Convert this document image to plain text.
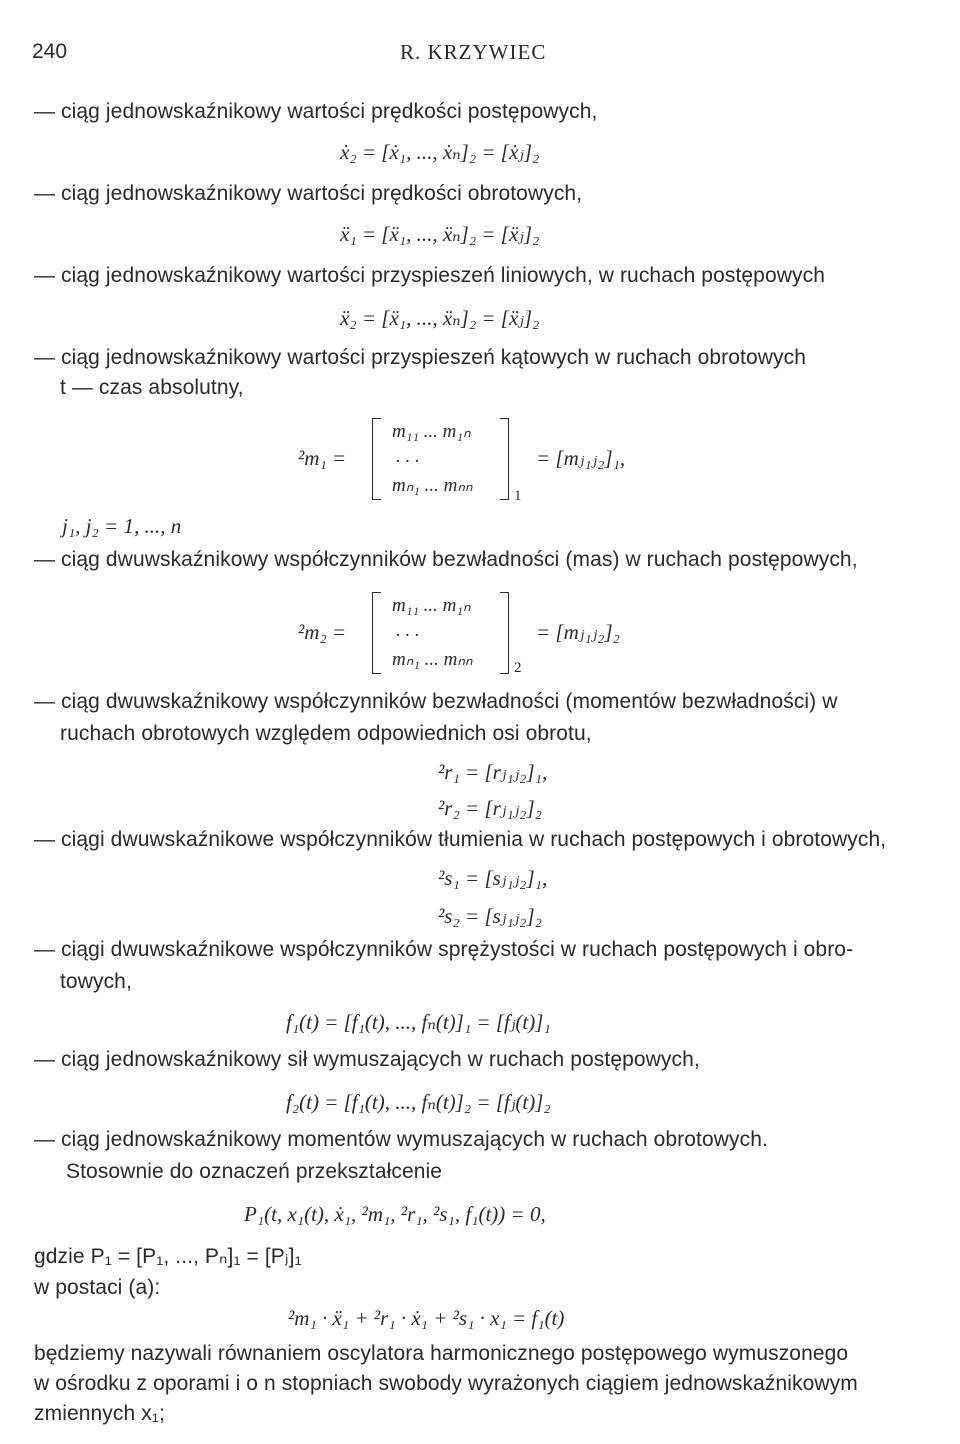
240	R. KRZYWIEC
— ciąg jednowskaźnikowy wartości prędkości postępowych,
ẋ₂ = [ẋ₁, ..., ẋₙ]₂ = [ẋⱼ]₂
— ciąg jednowskaźnikowy wartości prędkości obrotowych,
ẍ₁ = [ẍ₁, ..., ẍₙ]₂ = [ẍⱼ]₂
— ciąg jednowskaźnikowy wartości przyspieszeń liniowych, w ruchach postępowych
ẍ₂ = [ẍ₁, ..., ẍₙ]₂ = [ẍⱼ]₂
— ciąg jednowskaźnikowy wartości przyspieszeń kątowych w ruchach obrotowych
t — czas absolutny,
²m₁ =
m₁₁ ... m₁ₙ
. . .
mₙ₁ ... mₙₙ	1
= [mⱼ₁ⱼ₂]₁,
j₁, j₂ = 1, ..., n
— ciąg dwuwskaźnikowy współczynników bezwładności (mas) w ruchach postępowych,
²m₂ =
m₁₁ ... m₁ₙ
. . .
mₙ₁ ... mₙₙ	2
= [mⱼ₁ⱼ₂]₂
— ciąg dwuwskaźnikowy współczynników bezwładności (momentów bezwładności) w
ruchach obrotowych względem odpowiednich osi obrotu,
²r₁ = [rⱼ₁ⱼ₂]₁,
²r₂ = [rⱼ₁ⱼ₂]₂
— ciągi dwuwskaźnikowe współczynników tłumienia w ruchach postępowych i obrotowych,
²s₁ = [sⱼ₁ⱼ₂]₁,
²s₂ = [sⱼ₁ⱼ₂]₂
— ciągi dwuwskaźnikowe współczynników sprężystości w ruchach postępowych i obro-
towych,
f₁(t) = [f₁(t), ..., fₙ(t)]₁ = [fⱼ(t)]₁
— ciąg jednowskaźnikowy sił wymuszających w ruchach postępowych,
f₂(t) = [f₁(t), ..., fₙ(t)]₂ = [fⱼ(t)]₂
— ciąg jednowskaźnikowy momentów wymuszających w ruchach obrotowych.
Stosownie do oznaczeń przekształcenie
P₁(t, x₁(t), ẋ₁, ²m₁, ²r₁, ²s₁, f₁(t)) = 0,
gdzie P₁ = [P₁, ..., Pₙ]₁ = [Pⱼ]₁
w postaci (a):
²m₁ · ẍ₁ + ²r₁ · ẋ₁ + ²s₁ · x₁ = f₁(t)
będziemy nazywali równaniem oscylatora harmonicznego postępowego wymuszonego
w ośrodku z oporami i o n stopniach swobody wyrażonych ciągiem jednowskaźnikowym
zmiennych x₁;
